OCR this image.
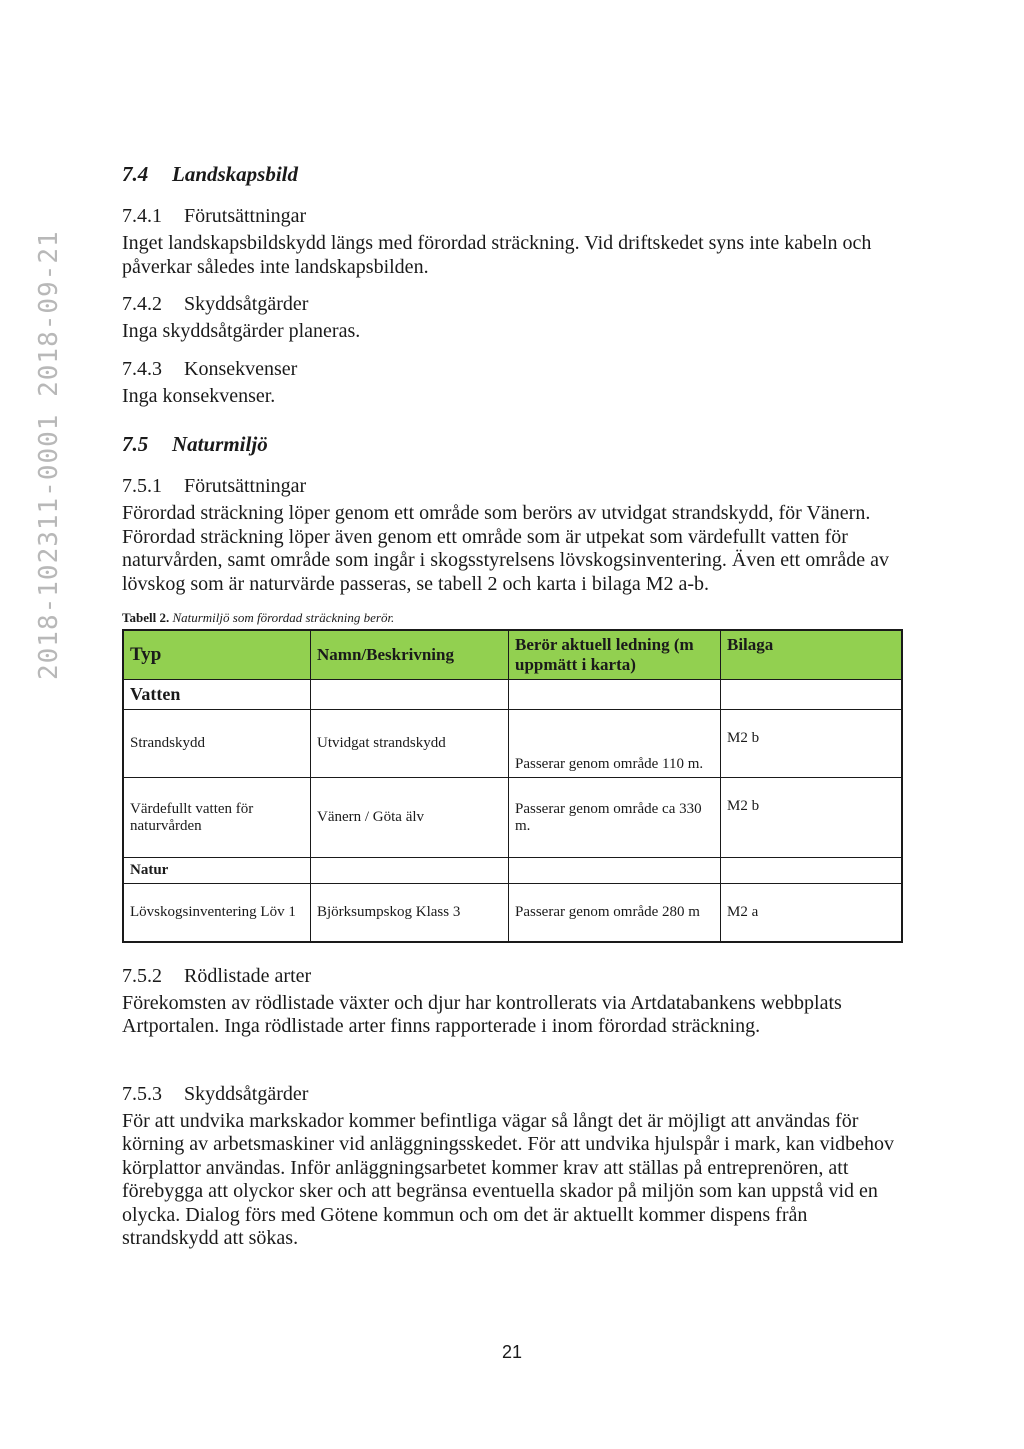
2018-102311-0001 2018-09-21
7.4 Landskapsbild
7.4.1 Förutsättningar

Inget landskapsbildskydd längs med förordad sträckning. Vid driftskedet syns inte kabeln och påverkar således inte landskapsbilden.

7.4.2 Skyddsåtgärder

Inga skyddsåtgärder planeras.

7.4.3 Konsekvenser

Inga konsekvenser.

7.5 Naturmiljö
7.5.1 Förutsättningar

Förordad sträckning löper genom ett område som berörs av utvidgat strandskydd, för Vänern. Förordad sträckning löper även genom ett område som är utpekat som värdefullt vatten för naturvården, samt område som ingår i skogsstyrelsens lövskogsinventering. Även ett område av lövskog som är naturvärde passeras, se tabell 2 och karta i bilaga M2 a-b.

Tabell 2. Naturmiljö som förordad sträckning berör.
Typ	Namn/Beskrivning	Berör aktuell ledning (m uppmätt i karta)	Bilaga
Vatten			
Strandskydd	Utvidgat strandskydd	Passerar genom område 110 m.	M2 b
Värdefullt vatten för naturvården	Vänern / Göta älv	Passerar genom område ca 330 m.	M2 b
Natur			
Lövskogsinventering Löv 1	Björksumpskog Klass 3	Passerar genom område 280 m	M2 a
7.5.2 Rödlistade arter

Förekomsten av rödlistade växter och djur har kontrollerats via Artdatabankens webbplats Artportalen. Inga rödlistade arter finns rapporterade i inom förordad sträckning.

7.5.3 Skyddsåtgärder

För att undvika markskador kommer befintliga vägar så långt det är möjligt att användas för körning av arbetsmaskiner vid anläggningsskedet. För att undvika hjulspår i mark, kan vidbehov körplattor användas. Inför anläggningsarbetet kommer krav att ställas på entreprenören, att förebygga att olyckor sker och att begränsa eventuella skador på miljön som kan uppstå vid en olycka. Dialog förs med Götene kommun och om det är aktuellt kommer dispens från strandskydd att sökas.

21
